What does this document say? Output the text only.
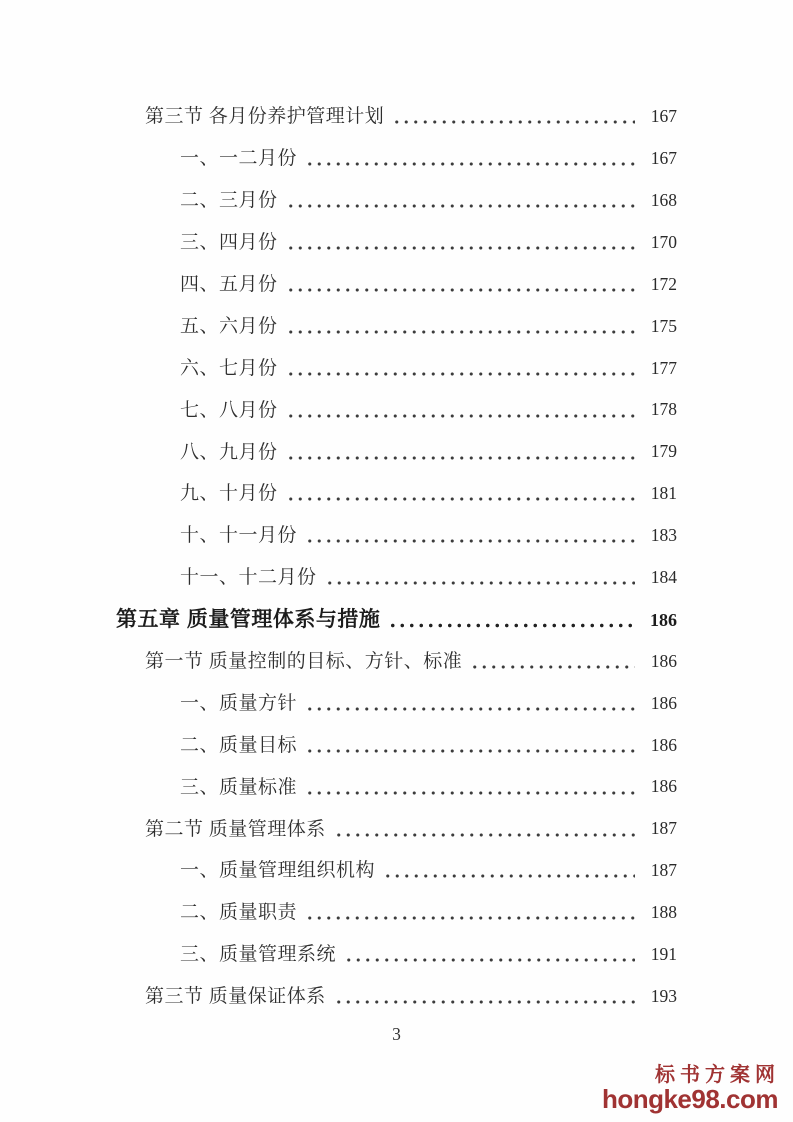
第三节 各月份养护管理计划	167
一、一二月份	167
二、三月份	168
三、四月份	170
四、五月份	172
五、六月份	175
六、七月份	177
七、八月份	178
八、九月份	179
九、十月份	181
十、十一月份	183
十一、十二月份	184
第五章 质量管理体系与措施	186
第一节 质量控制的目标、方针、标准	186
一、质量方针	186
二、质量目标	186
三、质量标准	186
第二节 质量管理体系	187
一、质量管理组织机构	187
二、质量职责	188
三、质量管理系统	191
第三节 质量保证体系	193
3
标书方案网
hongke98.com
